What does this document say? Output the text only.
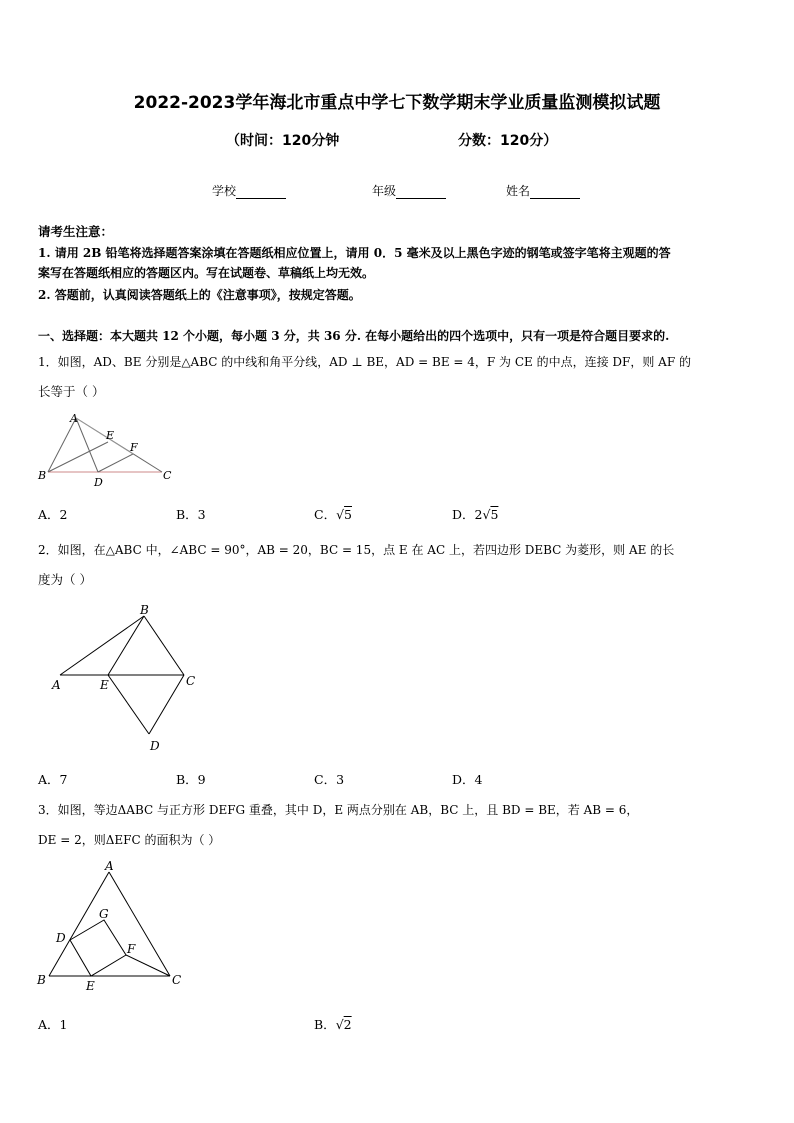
2022-2023学年海北市重点中学七下数学期末学业质量监测模拟试题
（时间：120分钟	分数：120分）
学校	年级	姓名
请考生注意：
1. 请用 2B 铅笔将选择题答案涂填在答题纸相应位置上，请用 0．5 毫米及以上黑色字迹的钢笔或签字笔将主观题的答
案写在答题纸相应的答题区内。写在试题卷、草稿纸上均无效。
2. 答题前，认真阅读答题纸上的《注意事项》，按规定答题。
一、选择题：本大题共 12 个小题，每小题 3 分，共 36 分. 在每小题给出的四个选项中，只有一项是符合题目要求的.
1．如图，AD、BE 分别是△ABC 的中线和角平分线，AD ⊥ BE，AD = BE = 4，F 为 CE 的中点，连接 DF，则 AF 的
长等于（ ）
A
B	C
D
E
F
A．2	B．3	C．√5	D．2√5
2．如图，在△ABC 中，∠ABC = 90°，AB = 20，BC = 15，点 E 在 AC 上，若四边形 DEBC 为菱形，则 AE 的长
度为（ ）
B
A	C
D
E
A．7	B．9	C．3	D．4
3．如图，等边ΔABC 与正方形 DEFG 重叠，其中 D，E 两点分别在 AB，BC 上，且 BD = BE，若 AB = 6，
DE = 2，则ΔEFC 的面积为（ ）
A
B	C
D
E
F
G
A．1	B．√2
